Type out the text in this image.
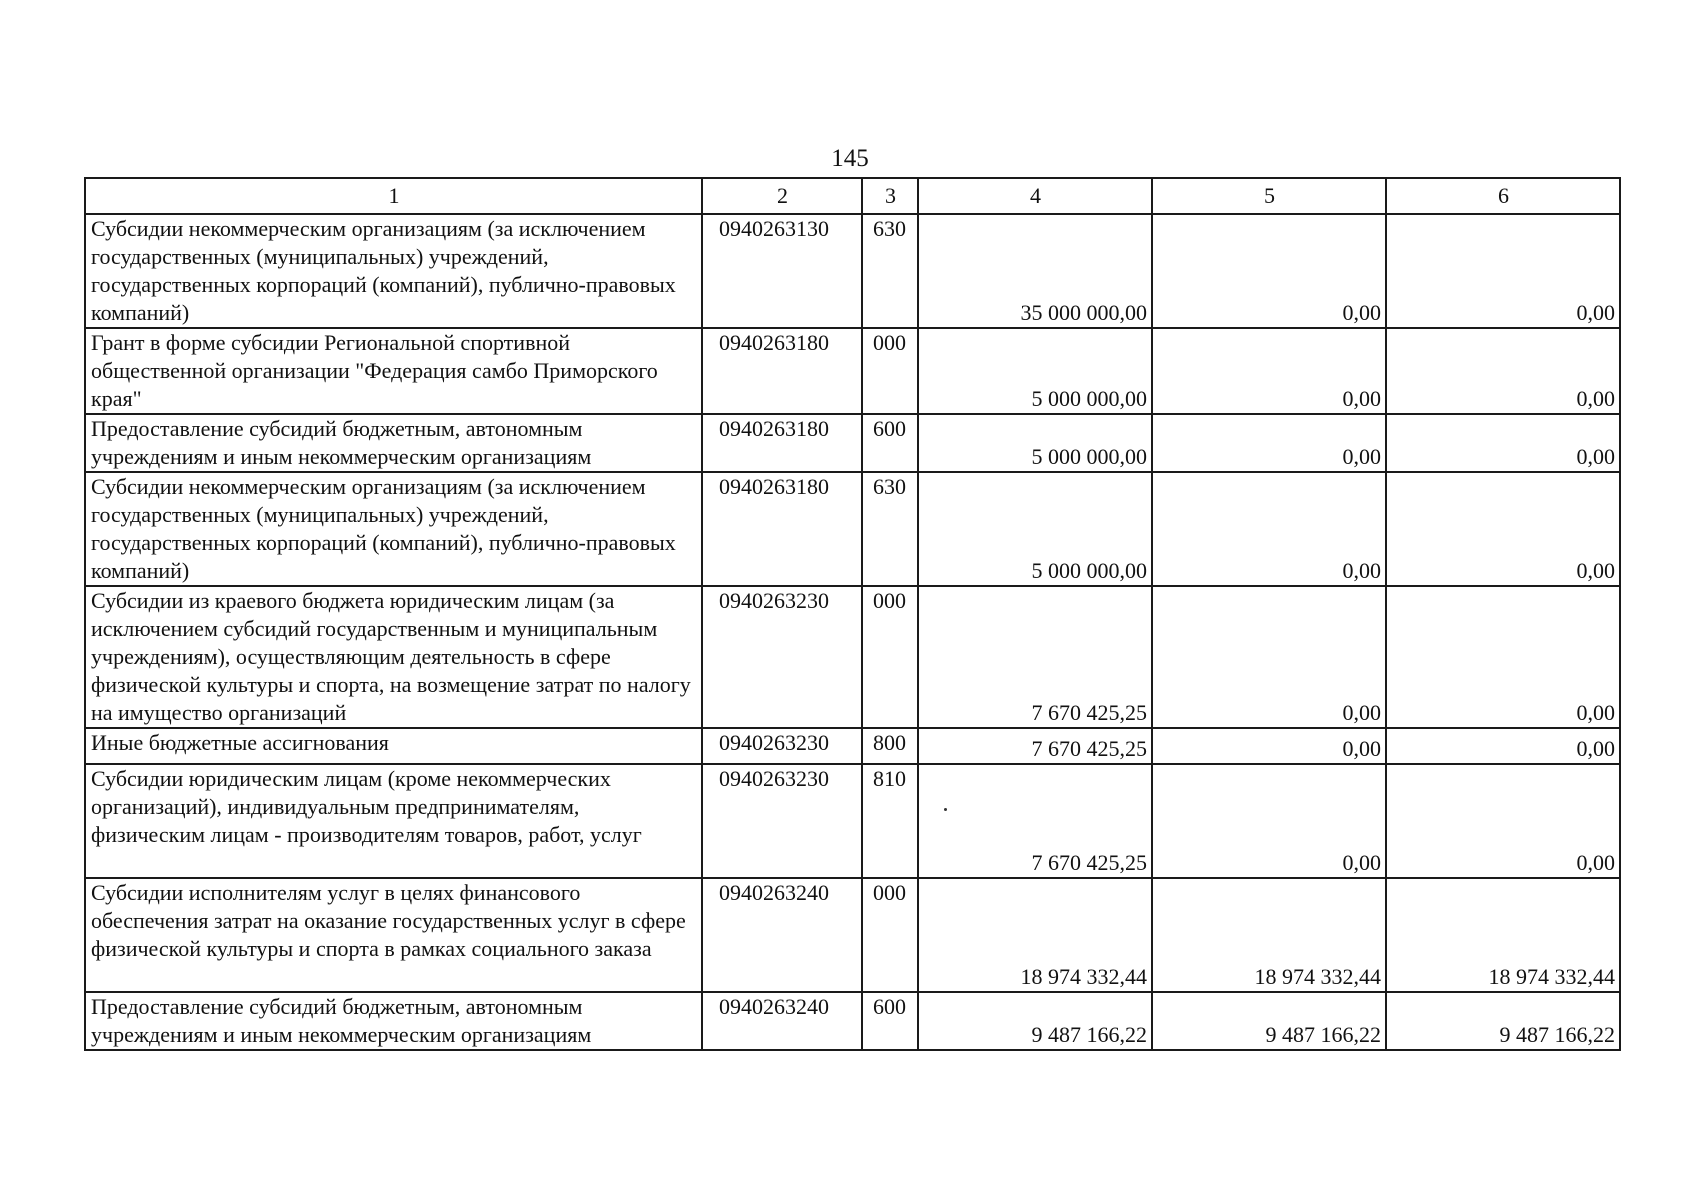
145
1	2	3	4	5	6
Субсидии некоммерческим организациям (за исключением государственных (муниципальных) учреждений, государственных корпораций (компаний), публично-правовых компаний)	0940263130	630	35 000 000,00	0,00	0,00
Грант в форме субсидии Региональной спортивной общественной организации "Федерация самбо Приморского края"	0940263180	000	5 000 000,00	0,00	0,00
Предоставление субсидий бюджетным, автономным учреждениям и иным некоммерческим организациям	0940263180	600	5 000 000,00	0,00	0,00
Субсидии некоммерческим организациям (за исключением государственных (муниципальных) учреждений, государственных корпораций (компаний), публично-правовых компаний)	0940263180	630	5 000 000,00	0,00	0,00
Субсидии из краевого бюджета юридическим лицам (за исключением субсидий государственным и муниципальным учреждениям), осуществляющим деятельность в сфере физической культуры и спорта, на возмещение затрат по налогу на имущество организаций	0940263230	000	7 670 425,25	0,00	0,00
Иные бюджетные ассигнования	0940263230	800	7 670 425,25	0,00	0,00
Субсидии юридическим лицам (кроме некоммерческих организаций), индивидуальным предпринимателям, физическим лицам - производителям товаров, работ, услуг	0940263230	810	7 670 425,25	0,00	0,00
Субсидии исполнителям услуг в целях финансового обеспечения затрат на оказание государственных услуг в сфере физической культуры и спорта в рамках социального заказа	0940263240	000	18 974 332,44	18 974 332,44	18 974 332,44
Предоставление субсидий бюджетным, автономным учреждениям и иным некоммерческим организациям	0940263240	600	9 487 166,22	9 487 166,22	9 487 166,22
